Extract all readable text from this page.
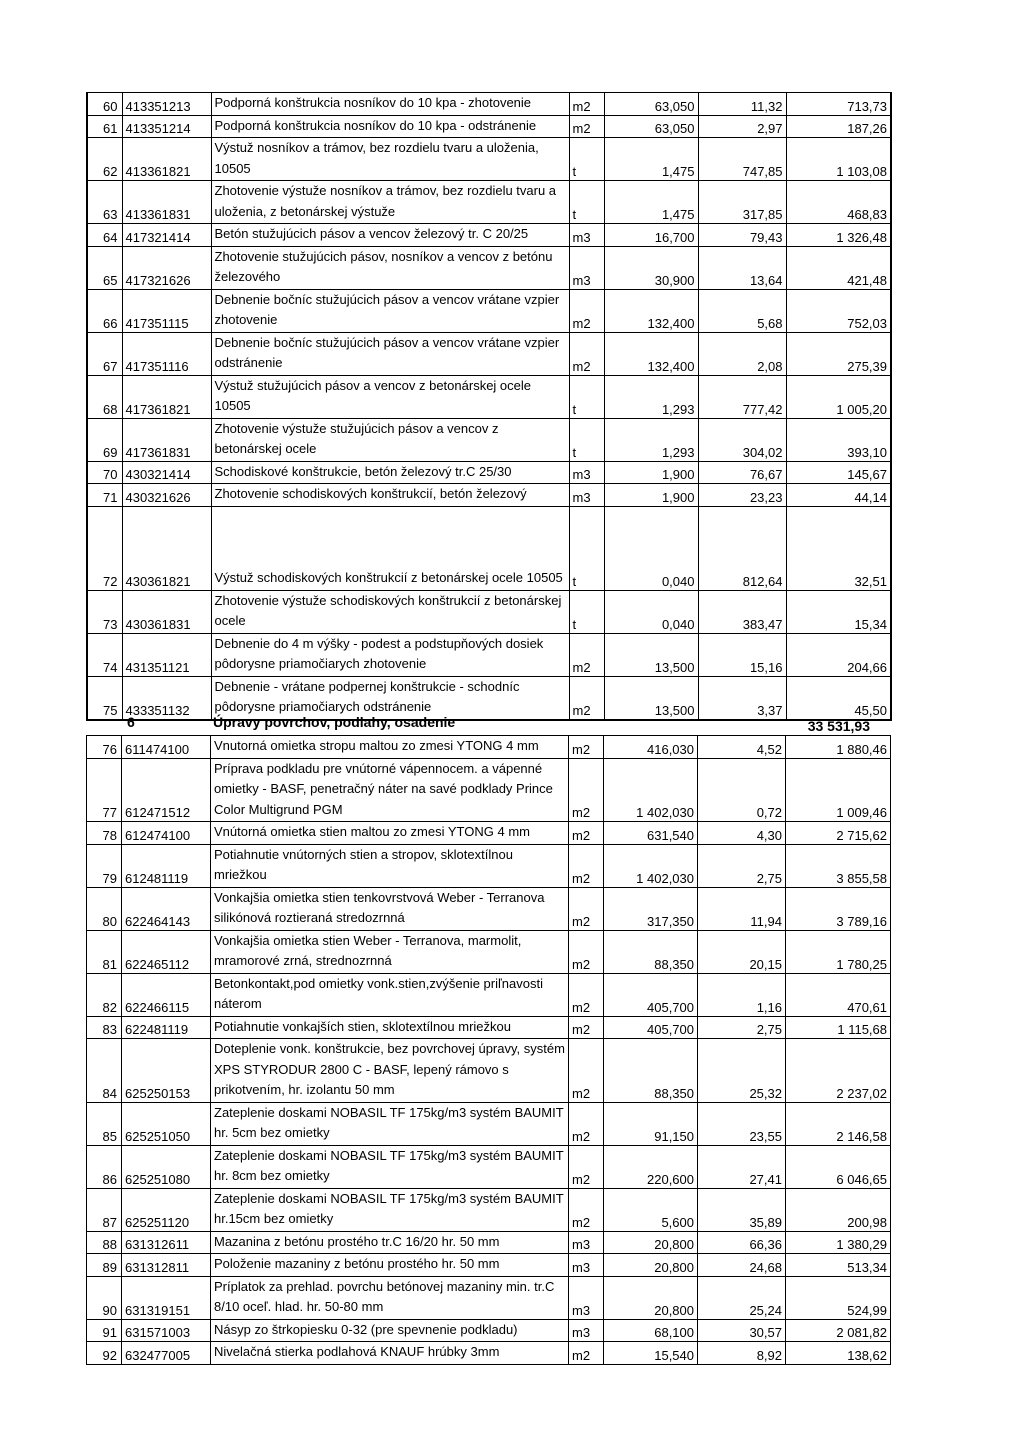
60	413351213	Podporná konštrukcia nosníkov do 10 kpa - zhotovenie	m2	63,050	11,32	713,73
61	413351214	Podporná konštrukcia nosníkov do 10 kpa - odstránenie	m2	63,050	2,97	187,26
62	413361821	Výstuž nosníkov a trámov, bez rozdielu tvaru a uloženia, 10505	t	1,475	747,85	1 103,08
63	413361831	Zhotovenie výstuže nosníkov a trámov, bez rozdielu tvaru a uloženia, z betonárskej výstuže	t	1,475	317,85	468,83
64	417321414	Betón stužujúcich pásov a vencov železový tr. C 20/25	m3	16,700	79,43	1 326,48
65	417321626	Zhotovenie stužujúcich pásov, nosníkov a vencov z betónu železového	m3	30,900	13,64	421,48
66	417351115	Debnenie bočníc stužujúcich pásov a vencov vrátane vzpier zhotovenie	m2	132,400	5,68	752,03
67	417351116	Debnenie bočníc stužujúcich pásov a vencov vrátane vzpier odstránenie	m2	132,400	2,08	275,39
68	417361821	Výstuž stužujúcich pásov a vencov z betonárskej ocele 10505	t	1,293	777,42	1 005,20
69	417361831	Zhotovenie výstuže stužujúcich pásov a vencov z betonárskej ocele	t	1,293	304,02	393,10
70	430321414	Schodiskové konštrukcie, betón železový tr.C 25/30	m3	1,900	76,67	145,67
71	430321626	Zhotovenie schodiskových konštrukcií, betón železový	m3	1,900	23,23	44,14
72	430361821	Výstuž schodiskových konštrukcií z betonárskej ocele 10505	t	0,040	812,64	32,51
73	430361831	Zhotovenie výstuže schodiskových konštrukcií z betonárskej ocele	t	0,040	383,47	15,34
74	431351121	Debnenie do 4 m výšky - podest a podstupňových dosiek pôdorysne priamočiarych zhotovenie	m2	13,500	15,16	204,66
75	433351132	Debnenie - vrátane podpernej konštrukcie - schodníc pôdorysne priamočiarych odstránenie	m2	13,500	3,37	45,50
6	Úpravy povrchov, podlahy, osadenie	33 531,93
76	611474100	Vnutorná omietka stropu maltou zo zmesi YTONG 4 mm	m2	416,030	4,52	1 880,46
77	612471512	Príprava podkladu pre vnútorné vápennocem. a vápenné omietky - BASF, penetračný náter na savé podklady Prince Color Multigrund PGM	m2	1 402,030	0,72	1 009,46
78	612474100	Vnútorná omietka stien maltou zo zmesi YTONG 4 mm	m2	631,540	4,30	2 715,62
79	612481119	Potiahnutie vnútorných stien a stropov, sklotextílnou mriežkou	m2	1 402,030	2,75	3 855,58
80	622464143	Vonkajšia omietka stien tenkovrstvová Weber - Terranova silikónová roztieraná stredozrnná	m2	317,350	11,94	3 789,16
81	622465112	Vonkajšia omietka stien Weber - Terranova, marmolit, mramorové zrná, strednozrnná	m2	88,350	20,15	1 780,25
82	622466115	Betonkontakt,pod omietky vonk.stien,zvýšenie priľnavosti náterom	m2	405,700	1,16	470,61
83	622481119	Potiahnutie vonkajších stien, sklotextílnou mriežkou	m2	405,700	2,75	1 115,68
84	625250153	Doteplenie vonk. konštrukcie, bez povrchovej úpravy, systém XPS STYRODUR 2800 C - BASF, lepený rámovo s prikotvením, hr. izolantu 50 mm	m2	88,350	25,32	2 237,02
85	625251050	Zateplenie doskami NOBASIL TF 175kg/m3 systém BAUMIT hr. 5cm bez omietky	m2	91,150	23,55	2 146,58
86	625251080	Zateplenie doskami NOBASIL TF 175kg/m3 systém BAUMIT hr. 8cm bez omietky	m2	220,600	27,41	6 046,65
87	625251120	Zateplenie doskami NOBASIL TF 175kg/m3 systém BAUMIT hr.15cm bez omietky	m2	5,600	35,89	200,98
88	631312611	Mazanina z betónu prostého tr.C 16/20 hr. 50 mm	m3	20,800	66,36	1 380,29
89	631312811	Položenie mazaniny z betónu prostého hr. 50 mm	m3	20,800	24,68	513,34
90	631319151	Príplatok za prehlad. povrchu betónovej mazaniny min. tr.C 8/10 oceľ. hlad. hr. 50-80 mm	m3	20,800	25,24	524,99
91	631571003	Násyp zo štrkopiesku 0-32 (pre spevnenie podkladu)	m3	68,100	30,57	2 081,82
92	632477005	Nivelačná stierka podlahová KNAUF hrúbky 3mm	m2	15,540	8,92	138,62
